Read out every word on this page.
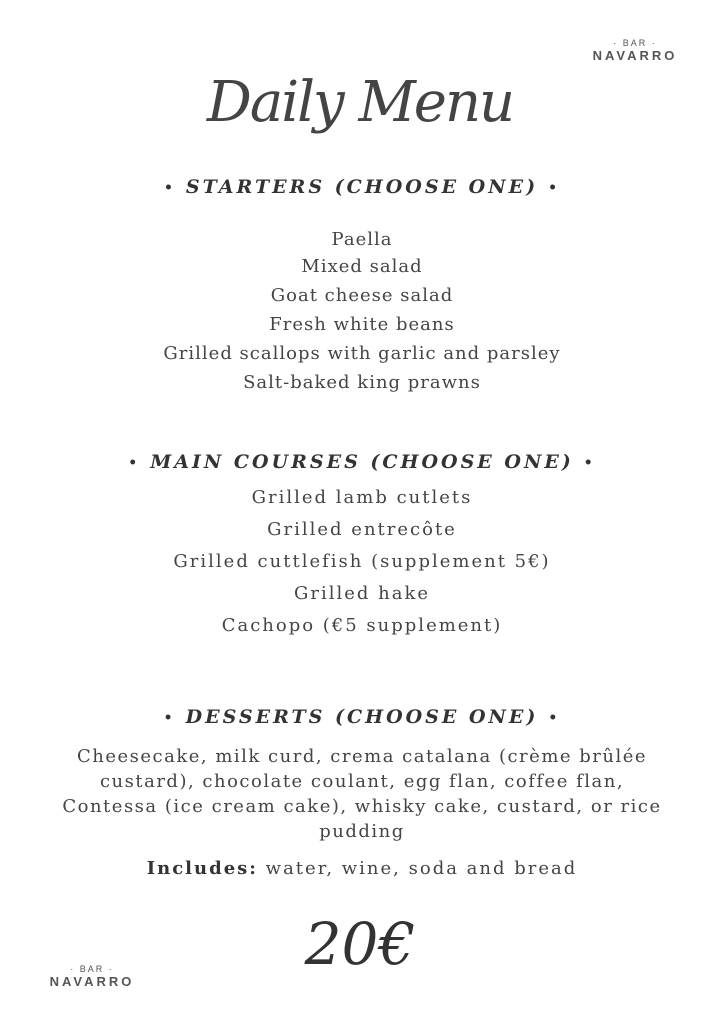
· BAR ·
NAVARRO
Daily Menu
• STARTERS (CHOOSE ONE) •
Paella
Mixed salad
Goat cheese salad
Fresh white beans
Grilled scallops with garlic and parsley
Salt-baked king prawns
• MAIN COURSES (CHOOSE ONE) •
Grilled lamb cutlets
Grilled entrecôte
Grilled cuttlefish (supplement 5€)
Grilled hake
Cachopo (€5 supplement)
• DESSERTS (CHOOSE ONE) •

Cheesecake, milk curd, crema catalana (crème brûlée custard), chocolate coulant, egg flan, coffee flan, Contessa (ice cream cake), whisky cake, custard, or rice pudding

Includes: water, wine, soda and bread
20€
· BAR ·
NAVARRO
